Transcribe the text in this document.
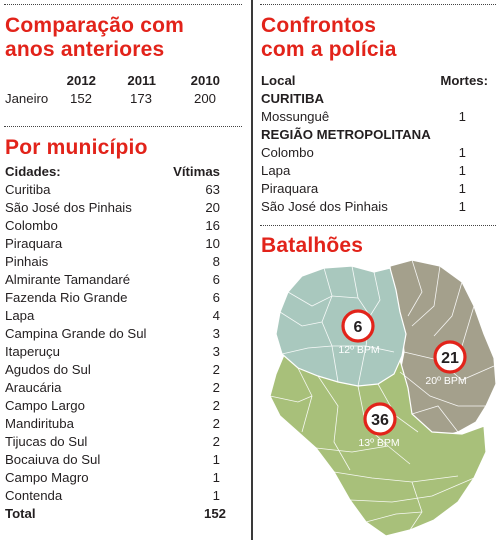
Comparação com
anos anteriores
2012	2011	2010
Janeiro	152	173	200
Por município
Cidades:	Vítimas
Curitiba	63
São José dos Pinhais	20
Colombo	16
Piraquara	10
Pinhais	8
Almirante Tamandaré	6
Fazenda Rio Grande	6
Lapa	4
Campina Grande do Sul	3
Itaperuçu	3
Agudos do Sul	2
Araucária	2
Campo Largo	2
Mandirituba	2
Tijucas do Sul	2
Bocaiuva do Sul	1
Campo Magro	1
Contenda	1
Total	152
Confrontos
com a polícia
Local	Mortes:
CURITIBA
Mossunguê	1
REGIÃO METROPOLITANA
Colombo	1
Lapa	1
Piraquara	1
São José dos Pinhais	1
Batalhões
6
12º BPM	21
20º BPM
36
13º BPM
